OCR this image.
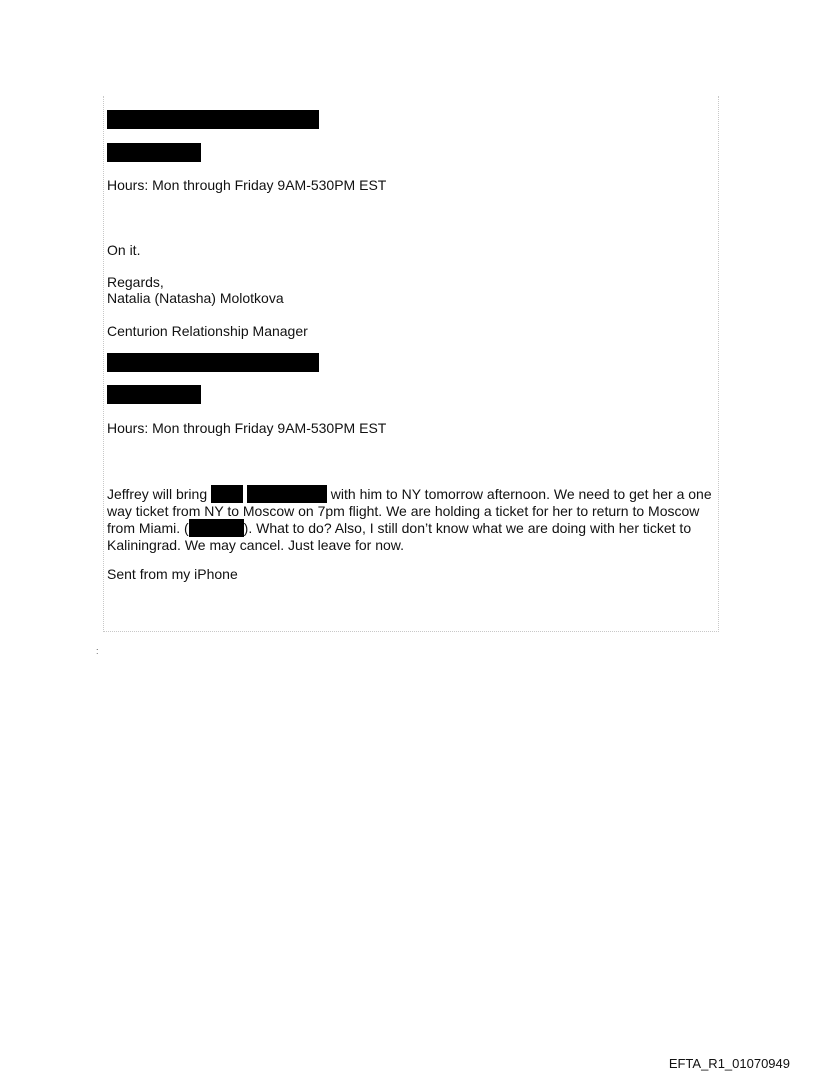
Hours: Mon through Friday 9AM-530PM EST
On it.
Regards,
Natalia (Natasha) Molotkova
Centurion Relationship Manager
Hours: Mon through Friday 9AM-530PM EST
Jeffrey will bring	with him to NY tomorrow afternoon. We need to get her a one way ticket from NY to Moscow on 7pm flight. We are holding a ticket for her to return to Moscow from Miami. (	). What to do? Also, I still don’t know what we are doing with her ticket to Kaliningrad. We may cancel. Just leave for now.
Sent from my iPhone
:
EFTA_R1_01070949
